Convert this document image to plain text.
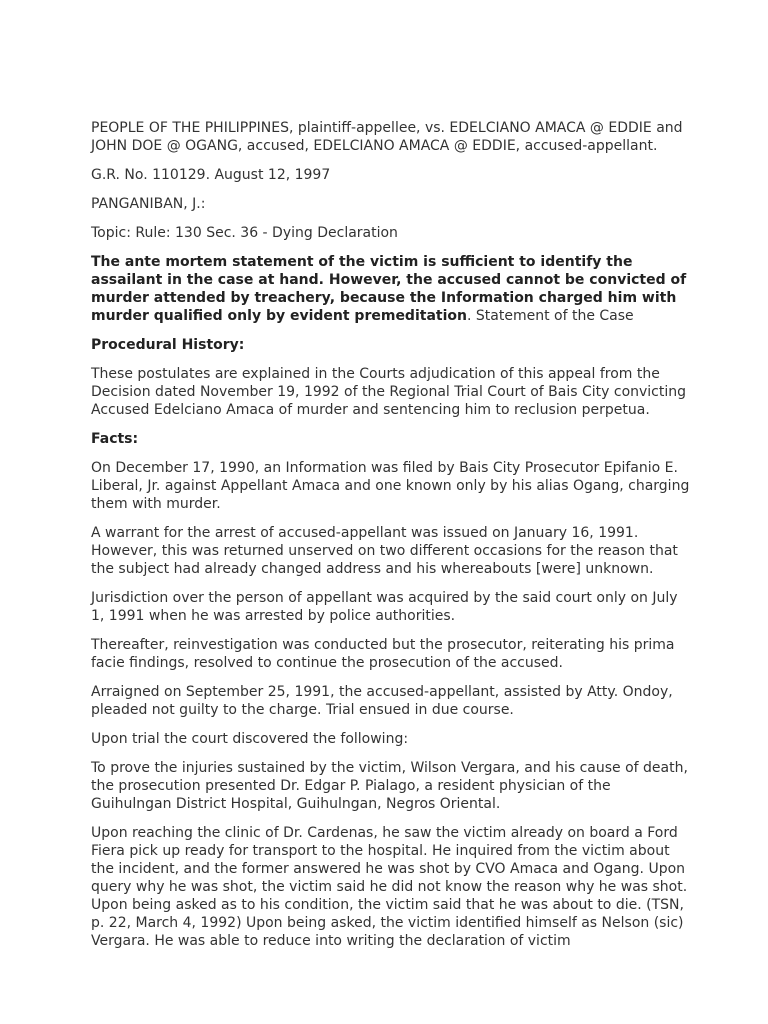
PEOPLE OF THE PHILIPPINES, plaintiff-appellee, vs. EDELCIANO AMACA @ EDDIE and JOHN DOE @ OGANG, accused, EDELCIANO AMACA @ EDDIE, accused-appellant.

G.R. No. 110129. August 12, 1997

PANGANIBAN, J.:

Topic: Rule: 130 Sec. 36 - Dying Declaration

The ante mortem statement of the victim is sufficient to identify the assailant in the case at hand. However, the accused cannot be convicted of murder attended by treachery, because the Information charged him with murder qualified only by evident premeditation. Statement of the Case

Procedural History:

These postulates are explained in the Courts adjudication of this appeal from the Decision dated November 19, 1992 of the Regional Trial Court of Bais City convicting Accused Edelciano Amaca of murder and sentencing him to reclusion perpetua.

Facts:

On December 17, 1990, an Information was filed by Bais City Prosecutor Epifanio E. Liberal, Jr. against Appellant Amaca and one known only by his alias Ogang, charging them with murder.

A warrant for the arrest of accused-appellant was issued on January 16, 1991. However, this was returned unserved on two different occasions for the reason that the subject had already changed address and his whereabouts [were] unknown.

Jurisdiction over the person of appellant was acquired by the said court only on July 1, 1991 when he was arrested by police authorities.

Thereafter, reinvestigation was conducted but the prosecutor, reiterating his prima facie findings, resolved to continue the prosecution of the accused.

Arraigned on September 25, 1991, the accused-appellant, assisted by Atty. Ondoy, pleaded not guilty to the charge. Trial ensued in due course.

Upon trial the court discovered the following:

To prove the injuries sustained by the victim, Wilson Vergara, and his cause of death, the prosecution presented Dr. Edgar P. Pialago, a resident physician of the Guihulngan District Hospital, Guihulngan, Negros Oriental.

Upon reaching the clinic of Dr. Cardenas, he saw the victim already on board a Ford Fiera pick up ready for transport to the hospital. He inquired from the victim about the incident, and the former answered he was shot by CVO Amaca and Ogang. Upon query why he was shot, the victim said he did not know the reason why he was shot. Upon being asked as to his condition, the victim said that he was about to die. (TSN, p. 22, March 4, 1992) Upon being asked, the victim identified himself as Nelson (sic) Vergara. He was able to reduce into writing the declaration of victim
